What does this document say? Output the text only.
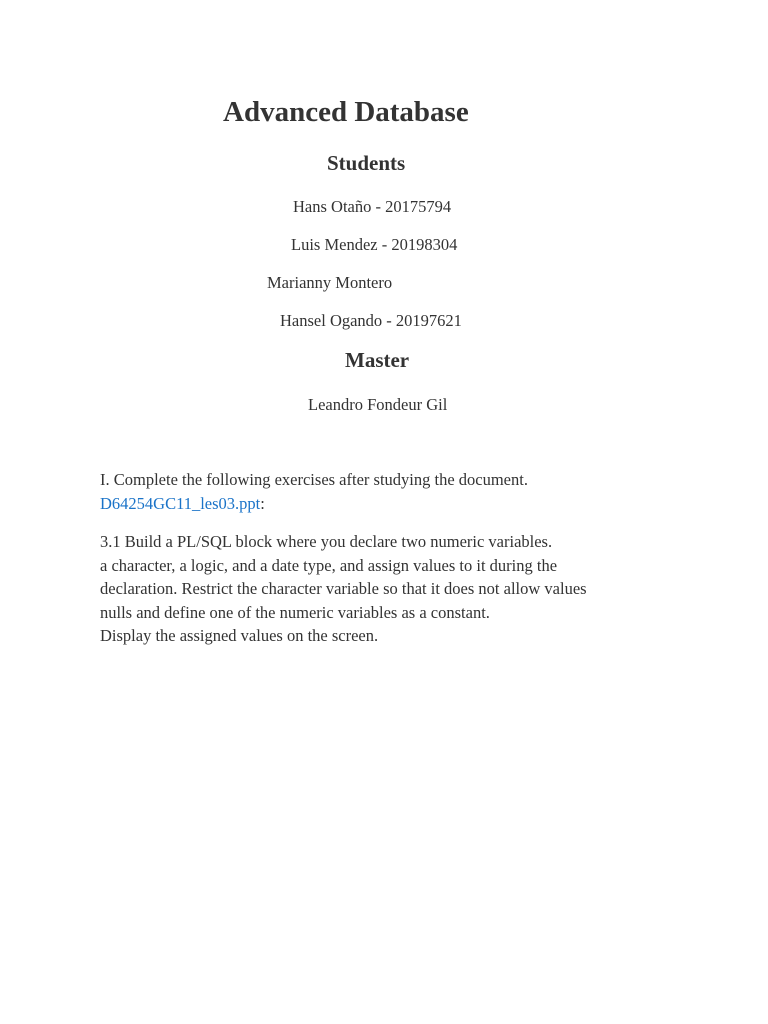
Advanced Database
Students
Hans Otaño - 20175794
Luis Mendez - 20198304
Marianny Montero
Hansel Ogando - 20197621
Master
Leandro Fondeur Gil

I. Complete the following exercises after studying the document.

D64254GC11_les03.ppt:

3.1 Build a PL/SQL block where you declare two numeric variables.

a character, a logic, and a date type, and assign values to it during the

declaration. Restrict the character variable so that it does not allow values

nulls and define one of the numeric variables as a constant.

Display the assigned values on the screen.
